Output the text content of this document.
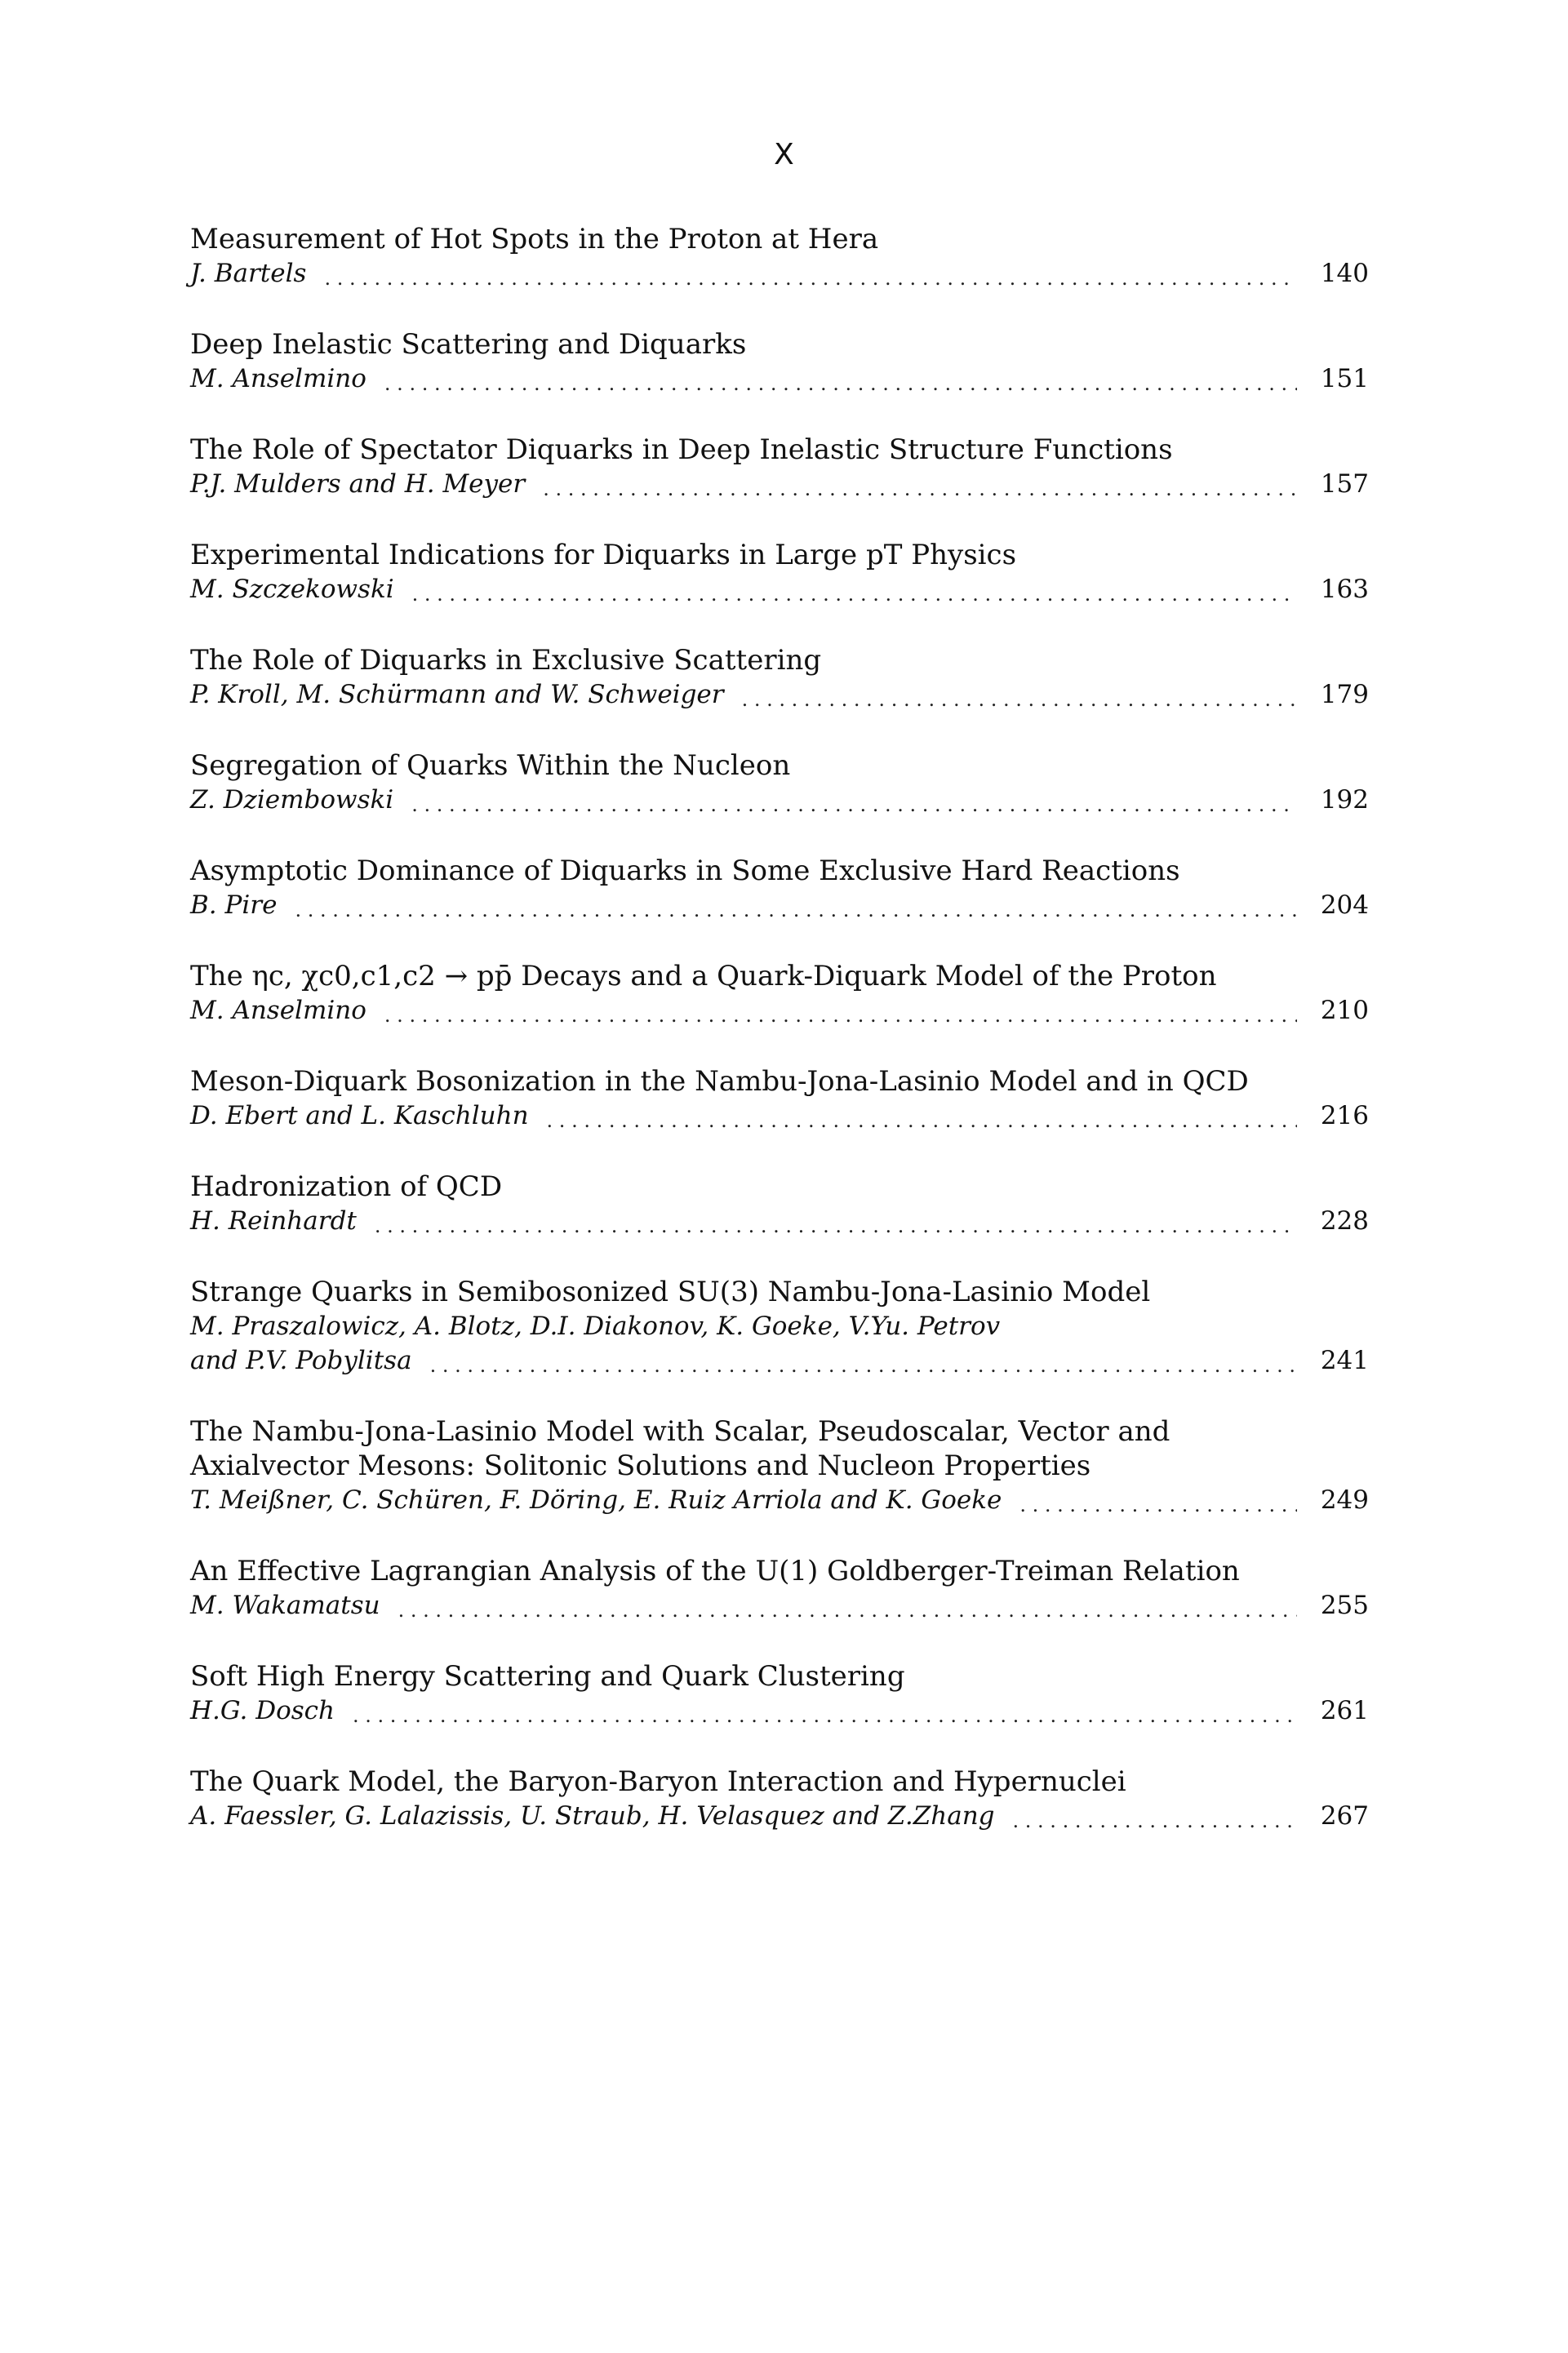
X
Measurement of Hot Spots in the Proton at Hera
J. Bartels . . .	140
Deep Inelastic Scattering and Diquarks
M. Anselmino . . .	151
The Role of Spectator Diquarks in Deep Inelastic Structure Functions
P.J. Mulders and H. Meyer . . .	157
Experimental Indications for Diquarks in Large pT Physics
M. Szczekowski . . .	163
The Role of Diquarks in Exclusive Scattering
P. Kroll, M. Schürmann and W. Schweiger . . .	179
Segregation of Quarks Within the Nucleon
Z. Dziembowski . . .	192
Asymptotic Dominance of Diquarks in Some Exclusive Hard Reactions
B. Pire . . .	204
The ηc, χc0,c1,c2 → pp̄ Decays and a Quark-Diquark Model of the Proton
M. Anselmino . . .	210
Meson-Diquark Bosonization in the Nambu-Jona-Lasinio Model and in QCD
D. Ebert and L. Kaschluhn . . .	216
Hadronization of QCD
H. Reinhardt . . .	228
Strange Quarks in Semibosonized SU(3) Nambu-Jona-Lasinio Model
M. Praszalowicz, A. Blotz, D.I. Diakonov, K. Goeke, V.Yu. Petrov
and P.V. Pobylitsa . . .	241
The Nambu-Jona-Lasinio Model with Scalar, Pseudoscalar, Vector and
Axialvector Mesons: Solitonic Solutions and Nucleon Properties
T. Meißner, C. Schüren, F. Döring, E. Ruiz Arriola and K. Goeke . . .	249
An Effective Lagrangian Analysis of the U(1) Goldberger-Treiman Relation
M. Wakamatsu . . .	255
Soft High Energy Scattering and Quark Clustering
H.G. Dosch . . .	261
The Quark Model, the Baryon-Baryon Interaction and Hypernuclei
A. Faessler, G. Lalazissis, U. Straub, H. Velasquez and Z.Zhang . . .	267
